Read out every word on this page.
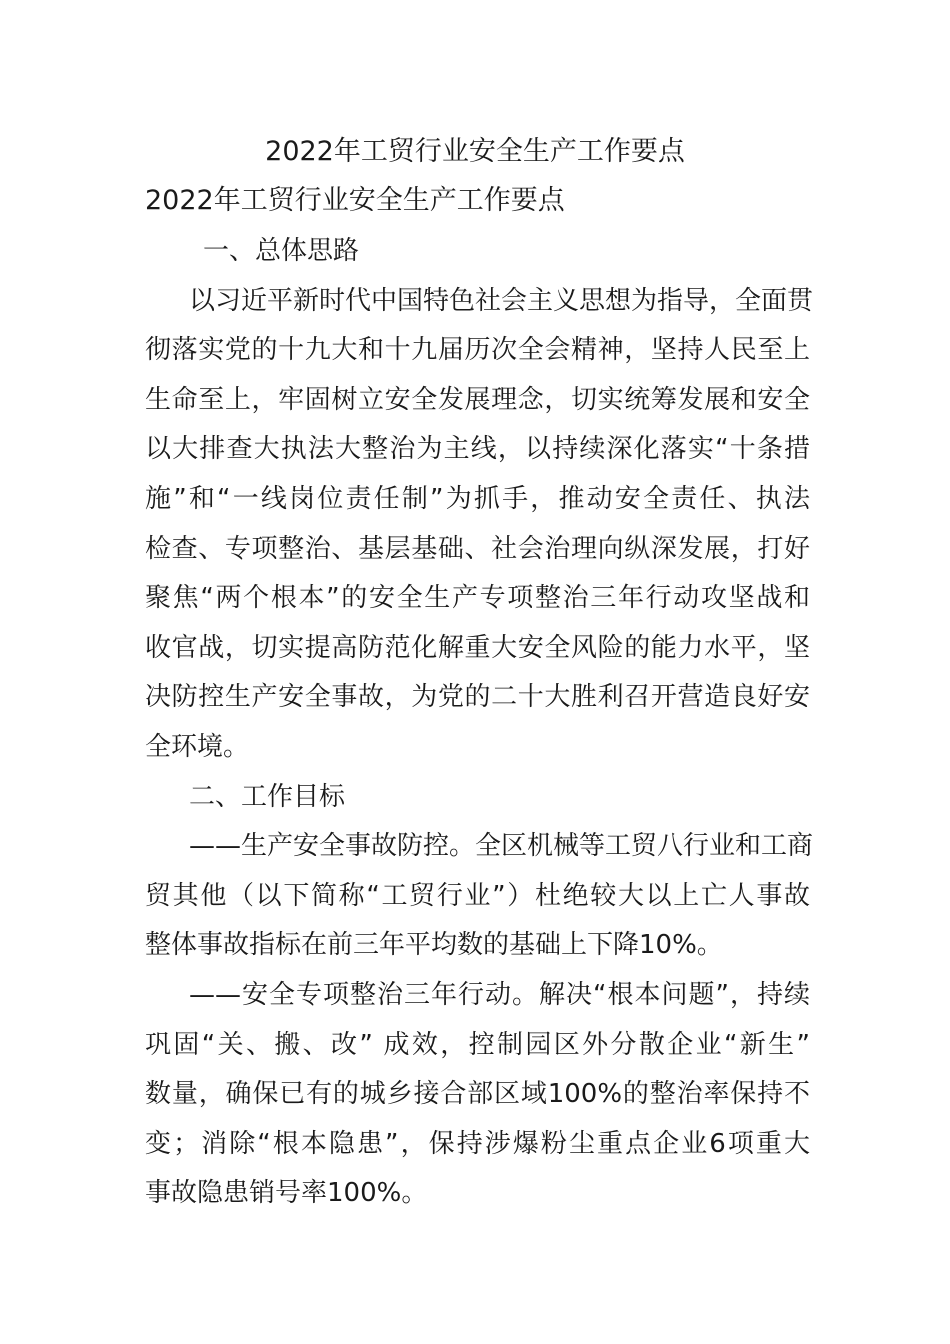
2022年工贸行业安全生产工作要点
2022年工贸行业安全生产工作要点
一、总体思路
以习近平新时代中国特色社会主义思想为指导，全面贯
彻落实党的十九大和十九届历次全会精神，坚持人民至上
生命至上，牢固树立安全发展理念，切实统筹发展和安全
以大排查大执法大整治为主线，以持续深化落实“十条措
施”和“一线岗位责任制”为抓手，推动安全责任、执法
检查、专项整治、基层基础、社会治理向纵深发展，打好
聚焦“两个根本”的安全生产专项整治三年行动攻坚战和
收官战，切实提高防范化解重大安全风险的能力水平，坚
决防控生产安全事故，为党的二十大胜利召开营造良好安
全环境。
二、工作目标
——生产安全事故防控。全区机械等工贸八行业和工商
贸其他（以下简称“工贸行业”）杜绝较大以上亡人事故
整体事故指标在前三年平均数的基础上下降10%。
——安全专项整治三年行动。解决“根本问题”，持续
巩固“关、搬、改” 成效，控制园区外分散企业“新生”
数量，确保已有的城乡接合部区域100%的整治率保持不
变；消除“根本隐患”，保持涉爆粉尘重点企业6项重大
事故隐患销号率100%。
